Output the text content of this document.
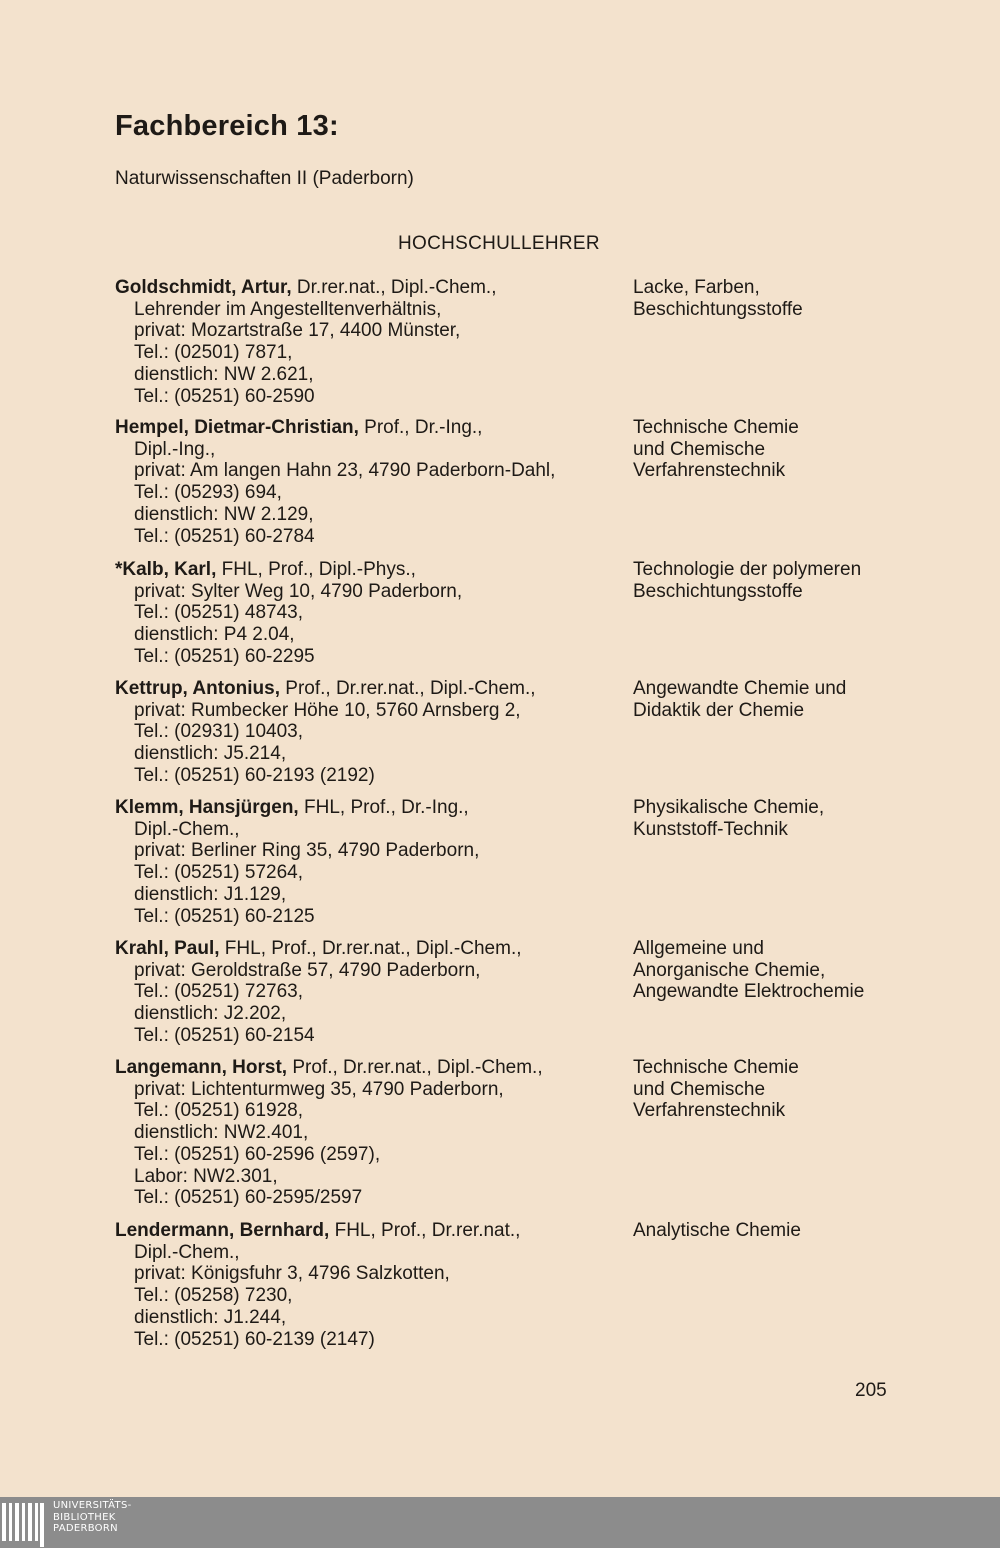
Fachbereich 13:
Naturwissenschaften II (Paderborn)
HOCHSCHULLEHRER
Goldschmidt, Artur, Dr.rer.nat., Dipl.-Chem.,
Lehrender im Angestelltenverhältnis,
privat: Mozartstraße 17, 4400 Münster,
Tel.: (02501) 7871,
dienstlich: NW 2.621,
Tel.: (05251) 60-2590
Lacke, Farben,
Beschichtungsstoffe
Hempel, Dietmar-Christian, Prof., Dr.-Ing.,
Dipl.-Ing.,
privat: Am langen Hahn 23, 4790 Paderborn-Dahl,
Tel.: (05293) 694,
dienstlich: NW 2.129,
Tel.: (05251) 60-2784
Technische Chemie
und Chemische
Verfahrenstechnik
*Kalb, Karl, FHL, Prof., Dipl.-Phys.,
privat: Sylter Weg 10, 4790 Paderborn,
Tel.: (05251) 48743,
dienstlich: P4 2.04,
Tel.: (05251) 60-2295
Technologie der polymeren
Beschichtungsstoffe
Kettrup, Antonius, Prof., Dr.rer.nat., Dipl.-Chem.,
privat: Rumbecker Höhe 10, 5760 Arnsberg 2,
Tel.: (02931) 10403,
dienstlich: J5.214,
Tel.: (05251) 60-2193 (2192)
Angewandte Chemie und
Didaktik der Chemie
Klemm, Hansjürgen, FHL, Prof., Dr.-Ing.,
Dipl.-Chem.,
privat: Berliner Ring 35, 4790 Paderborn,
Tel.: (05251) 57264,
dienstlich: J1.129,
Tel.: (05251) 60-2125
Physikalische Chemie,
Kunststoff-Technik
Krahl, Paul, FHL, Prof., Dr.rer.nat., Dipl.-Chem.,
privat: Geroldstraße 57, 4790 Paderborn,
Tel.: (05251) 72763,
dienstlich: J2.202,
Tel.: (05251) 60-2154
Allgemeine und
Anorganische Chemie,
Angewandte Elektrochemie
Langemann, Horst, Prof., Dr.rer.nat., Dipl.-Chem.,
privat: Lichtenturmweg 35, 4790 Paderborn,
Tel.: (05251) 61928,
dienstlich: NW2.401,
Tel.: (05251) 60-2596 (2597),
Labor: NW2.301,
Tel.: (05251) 60-2595/2597
Technische Chemie
und Chemische
Verfahrenstechnik
Lendermann, Bernhard, FHL, Prof., Dr.rer.nat.,
Dipl.-Chem.,
privat: Königsfuhr 3, 4796 Salzkotten,
Tel.: (05258) 7230,
dienstlich: J1.244,
Tel.: (05251) 60-2139 (2147)
Analytische Chemie
205
UNIVERSITÄTS-
BIBLIOTHEK
PADERBORN
